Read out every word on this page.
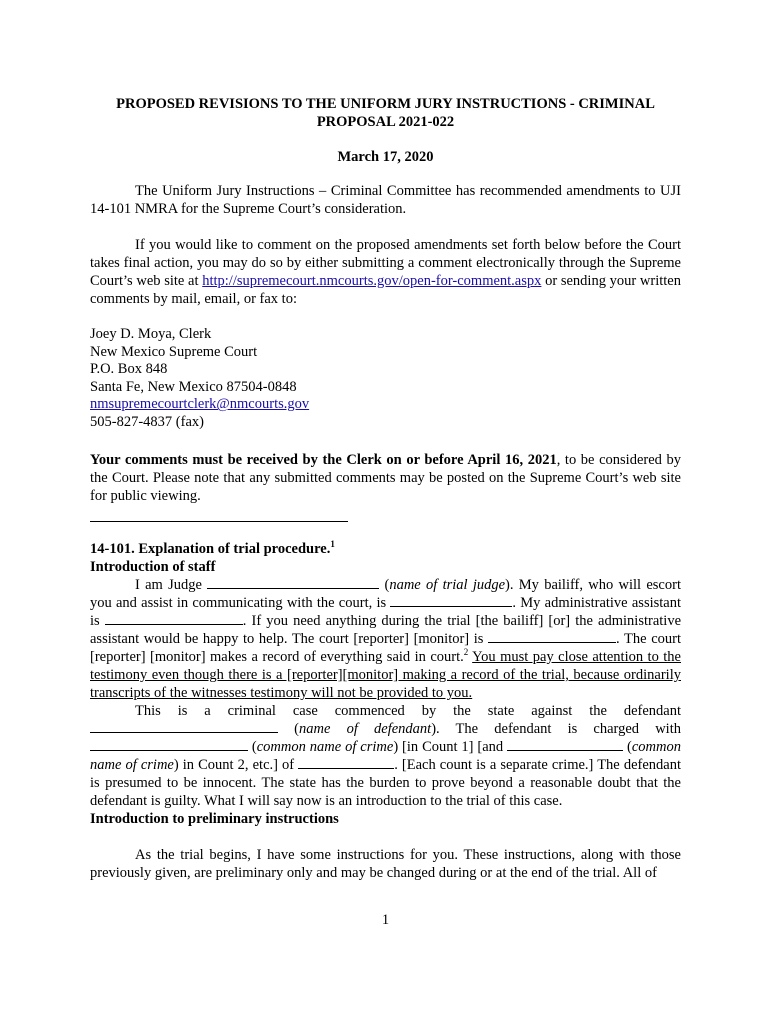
PROPOSED REVISIONS TO THE UNIFORM JURY INSTRUCTIONS - CRIMINAL
PROPOSAL 2021-022
March 17, 2020
The Uniform Jury Instructions – Criminal Committee has recommended amendments to UJI 14-101 NMRA for the Supreme Court’s consideration.
If you would like to comment on the proposed amendments set forth below before the Court takes final action, you may do so by either submitting a comment electronically through the Supreme Court’s web site at http://supremecourt.nmcourts.gov/open-for-comment.aspx or sending your written comments by mail, email, or fax to:
Joey D. Moya, Clerk
New Mexico Supreme Court
P.O. Box 848
Santa Fe, New Mexico 87504-0848
nmsupremecourtclerk@nmcourts.gov
505-827-4837 (fax)
Your comments must be received by the Clerk on or before April 16, 2021, to be considered by the Court. Please note that any submitted comments may be posted on the Supreme Court’s web site for public viewing.
14-101. Explanation of trial procedure.$^1$
Introduction of staff
I am Judge	(name of trial judge). My bailiff, who will escort you and assist in communicating with the court, is	. My administrative assistant is	. If you need anything during the trial [the bailiff] [or] the administrative assistant would be happy to help. The court [reporter] [monitor] is	. The court [reporter] [monitor] makes a record of everything said in court.$^2$ You must pay close attention to the testimony even though there is a [reporter][monitor] making a record of the trial, because ordinarily transcripts of the witnesses testimony will not be provided to you.
This is a criminal case commenced by the state against the defendant  (name of defendant). The defendant is charged with  (common name of crime) [in Count 1] [and	(common name of crime) in Count 2, etc.] of	. [Each count is a separate crime.] The defendant is presumed to be innocent. The state has the burden to prove beyond a reasonable doubt that the defendant is guilty. What I will say now is an introduction to the trial of this case.
Introduction to preliminary instructions
As the trial begins, I have some instructions for you. These instructions, along with those previously given, are preliminary only and may be changed during or at the end of the trial. All of
1
